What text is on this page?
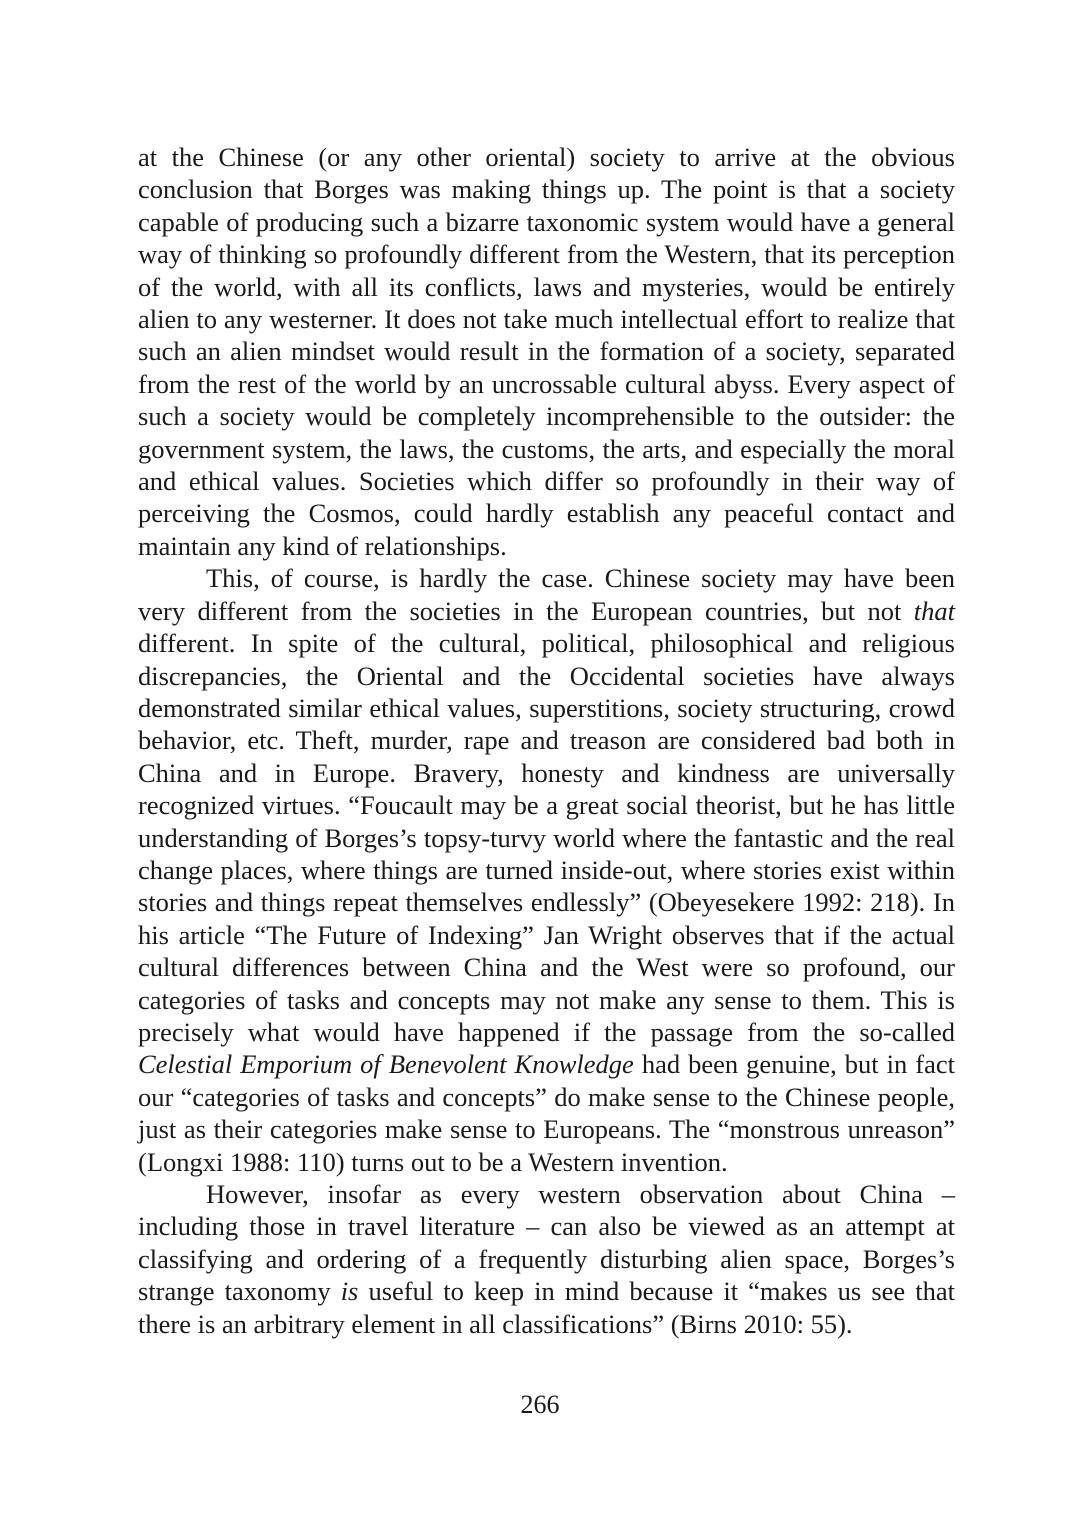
at the Chinese (or any other oriental) society to arrive at the obvious conclusion that Borges was making things up. The point is that a society capable of producing such a bizarre taxonomic system would have a general way of thinking so profoundly different from the Western, that its perception of the world, with all its conflicts, laws and mysteries, would be entirely alien to any westerner. It does not take much intellectual effort to realize that such an alien mindset would result in the formation of a society, separated from the rest of the world by an uncrossable cultural abyss. Every aspect of such a society would be completely incomprehensible to the outsider: the government system, the laws, the customs, the arts, and especially the moral and ethical values. Societies which differ so profoundly in their way of perceiving the Cosmos, could hardly establish any peaceful contact and maintain any kind of relationships.

This, of course, is hardly the case. Chinese society may have been very different from the societies in the European countries, but not that different. In spite of the cultural, political, philosophical and religious discrepancies, the Oriental and the Occidental societies have always demonstrated similar ethical values, superstitions, society structuring, crowd behavior, etc. Theft, murder, rape and treason are considered bad both in China and in Europe. Bravery, honesty and kindness are universally recognized virtues. “Foucault may be a great social theorist, but he has little understanding of Borges’s topsy-turvy world where the fantastic and the real change places, where things are turned inside-out, where stories exist within stories and things repeat themselves endlessly” (Obeyesekere 1992: 218). In his article “The Future of Indexing” Jan Wright observes that if the actual cultural differences between China and the West were so profound, our categories of tasks and concepts may not make any sense to them. This is precisely what would have happened if the passage from the so-called Celestial Emporium of Benevolent Knowledge had been genuine, but in fact our “categories of tasks and concepts” do make sense to the Chinese people, just as their categories make sense to Europeans. The “monstrous unreason” (Longxi 1988: 110) turns out to be a Western invention.

However, insofar as every western observation about China – including those in travel literature – can also be viewed as an attempt at classifying and ordering of a frequently disturbing alien space, Borges’s strange taxonomy is useful to keep in mind because it “makes us see that there is an arbitrary element in all classifications” (Birns 2010: 55).

266
